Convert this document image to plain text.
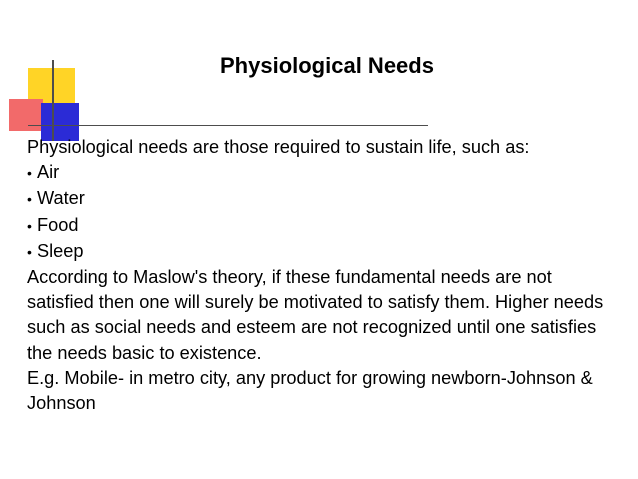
Physiological Needs

Physiological needs are those required to sustain life, such as:

• Air

• Water

• Food

• Sleep

According to Maslow's theory, if these fundamental needs are not satisfied then one will surely be motivated to satisfy them. Higher needs such as social needs and esteem are not recognized until one satisfies the needs basic to existence.

E.g. Mobile- in metro city, any product for growing newborn-Johnson & Johnson
